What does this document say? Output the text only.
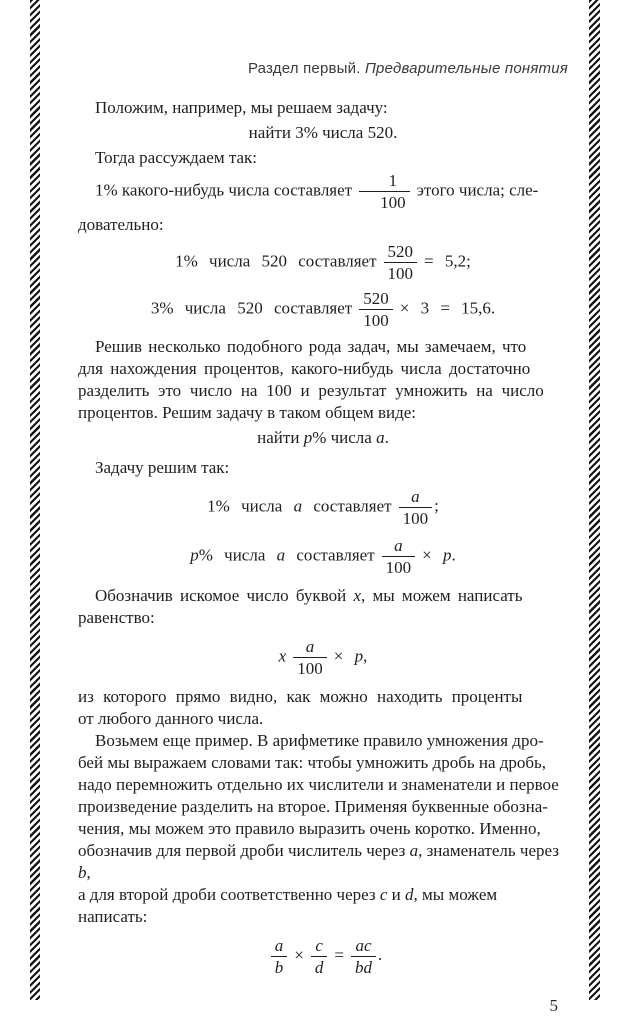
Раздел первый. Предварительные понятия
Положим, например, мы решаем задачу:
найти 3% числа 520.
Тогда рассуждаем так:
1% какого-нибудь числа составляет $\frac{1}{100}$ этого числа; сле-
довательно:
1% числа 520 составляет $\frac{520}{100} = 5,2$;
3% числа 520 составляет $\frac{520}{100} \times 3 = 15,6$.
Решив несколько подобного рода задач, мы замечаем, что
для нахождения процентов, какого-нибудь числа достаточно
разделить это число на 100 и результат умножить на число
процентов. Решим задачу в таком общем виде:
найти p% числа a.
Задачу решим так:
1% числа a составляет $\frac{a}{100}$ ;
p% числа a составляет $\frac{a}{100} \times p$.
Обозначив искомое число буквой x, мы можем написать
равенство:
x $\frac{a}{100} \times p$,
из которого прямо видно, как можно находить проценты
от любого данного числа.
Возьмем еще пример. В арифметике правило умножения дро-
бей мы выражаем словами так: чтобы умножить дробь на дробь,
надо перемножить отдельно их числители и знаменатели и первое
произведение разделить на второе. Применяя буквенные обозна-
чения, мы можем это правило выразить очень коротко. Именно,
обозначив для первой дроби числитель через a, знаменатель через b,
а для второй дроби соответственно через c и d, мы можем написать:
$\frac{a}{b} \times \frac{c}{d} = \frac{ac}{bd}$ .
5
